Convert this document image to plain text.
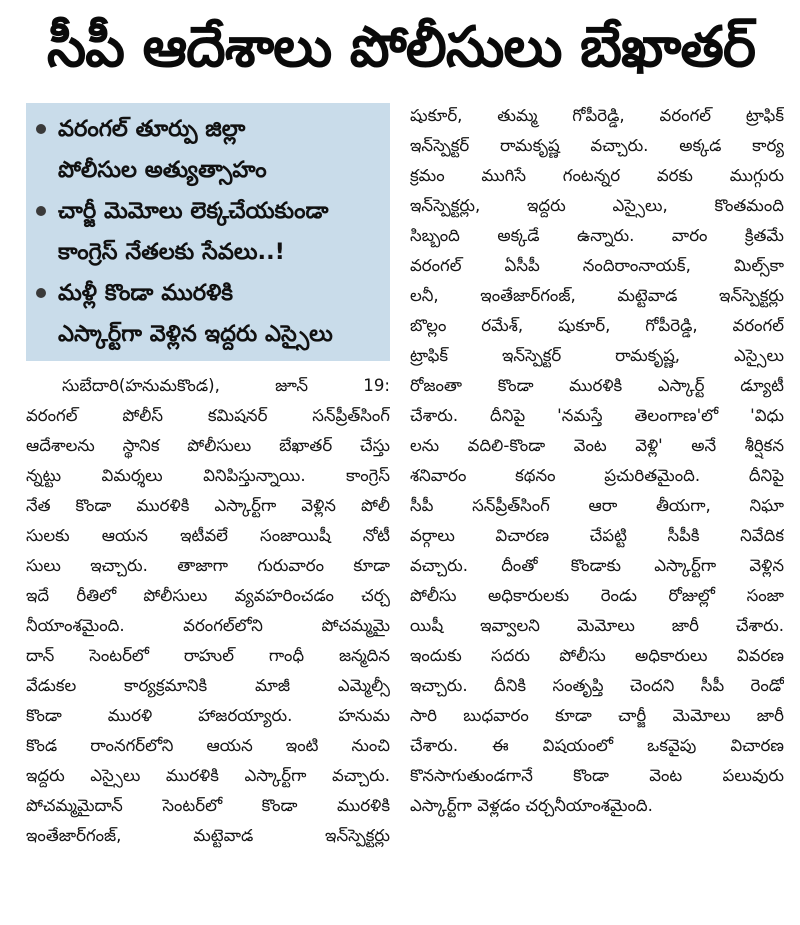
సీపీ ఆదేశాలు పోలీసులు బేఖాతర్
వరంగల్ తూర్పు జిల్లా
పోలీసుల అత్యుత్సాహం
చార్జీ మెమోలు లెక్కచేయకుండా
కాంగ్రెస్ నేతలకు సేవలు..!
మళ్లీ కొండా మురళికి
ఎస్కార్ట్‌గా వెళ్లిన ఇద్దరు ఎస్సైలు
సుబేదారి(హనుమకొండ), జూన్ 19:
వరంగల్ పోలీస్ కమిషనర్ సన్‌ప్రీత్‌సింగ్
ఆదేశాలను స్థానిక పోలీసులు బేఖాతర్ చేస్తు
న్నట్టు విమర్శలు వినిపిస్తున్నాయి. కాంగ్రెస్
నేత కొండా మురళికి ఎస్కార్ట్‌గా వెళ్లిన పోలీ
సులకు ఆయన ఇటీవలే సంజాయిషీ నోటీ
సులు ఇచ్చారు. తాజాగా గురువారం కూడా
ఇదే రీతిలో పోలీసులు వ్యవహరించడం చర్చ
నీయాంశమైంది. వరంగల్‌లోని పోచమ్మమై
దాన్ సెంటర్‌లో రాహుల్ గాంధీ జన్మదిన
వేడుకల కార్యక్రమానికి మాజీ ఎమ్మెల్సీ
కొండా మురళి హాజరయ్యారు. హనుమ
కొండ రాంనగర్‌లోని ఆయన ఇంటి నుంచి
ఇద్దరు ఎస్సైలు మురళికి ఎస్కార్ట్‌గా వచ్చారు.
పోచమ్మమైదాన్ సెంటర్‌లో కొండా మురళికి
ఇంతేజార్‌గంజ్, మట్టెవాడ ఇన్‌స్పెక్టర్లు
షుకూర్, తుమ్మ గోపీరెడ్డి, వరంగల్ ట్రాఫిక్
ఇన్‌స్పెక్టర్ రామకృష్ణ వచ్చారు. అక్కడ కార్య
క్రమం ముగిసే గంటన్నర వరకు ముగ్గురు
ఇన్‌స్పెక్టర్లు, ఇద్దరు ఎస్సైలు, కొంతమంది
సిబ్బంది అక్కడే ఉన్నారు. వారం క్రితమే
వరంగల్ ఏసీపీ నందిరాంనాయక్, మిల్స్‌కా
లనీ, ఇంతేజార్‌గంజ్, మట్టెవాడ ఇన్‌స్పెక్టర్లు
బొల్లం రమేశ్, షుకూర్, గోపీరెడ్డి, వరంగల్
ట్రాఫిక్ ఇన్‌స్పెక్టర్ రామకృష్ణ, ఎస్సైలు
రోజంతా కొండా మురళికి ఎస్కార్ట్ డ్యూటీ
చేశారు. దీనిపై 'నమస్తే తెలంగాణ'లో 'విధు
లను వదిలి-కొండా వెంట వెళ్లి' అనే శీర్షికన
శనివారం కథనం ప్రచురితమైంది. దీనిపై
సీపీ సన్‌ప్రీత్‌సింగ్ ఆరా తీయగా, నిఘా
వర్గాలు విచారణ చేపట్టి సీపీకి నివేదిక
వచ్చారు. దీంతో కొండాకు ఎస్కార్ట్‌గా వెళ్లిన
పోలీసు అధికారులకు రెండు రోజుల్లో సంజా
యిషీ ఇవ్వాలని మెమోలు జారీ చేశారు.
ఇందుకు సదరు పోలీసు అధికారులు వివరణ
ఇచ్చారు. దీనికి సంతృప్తి చెందని సీపీ రెండో
సారి బుధవారం కూడా చార్జీ మెమోలు జారీ
చేశారు. ఈ విషయంలో ఒకవైపు విచారణ
కొనసాగుతుండగానే కొండా వెంట పలువురు
ఎస్కార్ట్‌గా వెళ్లడం చర్చనీయాంశమైంది.
